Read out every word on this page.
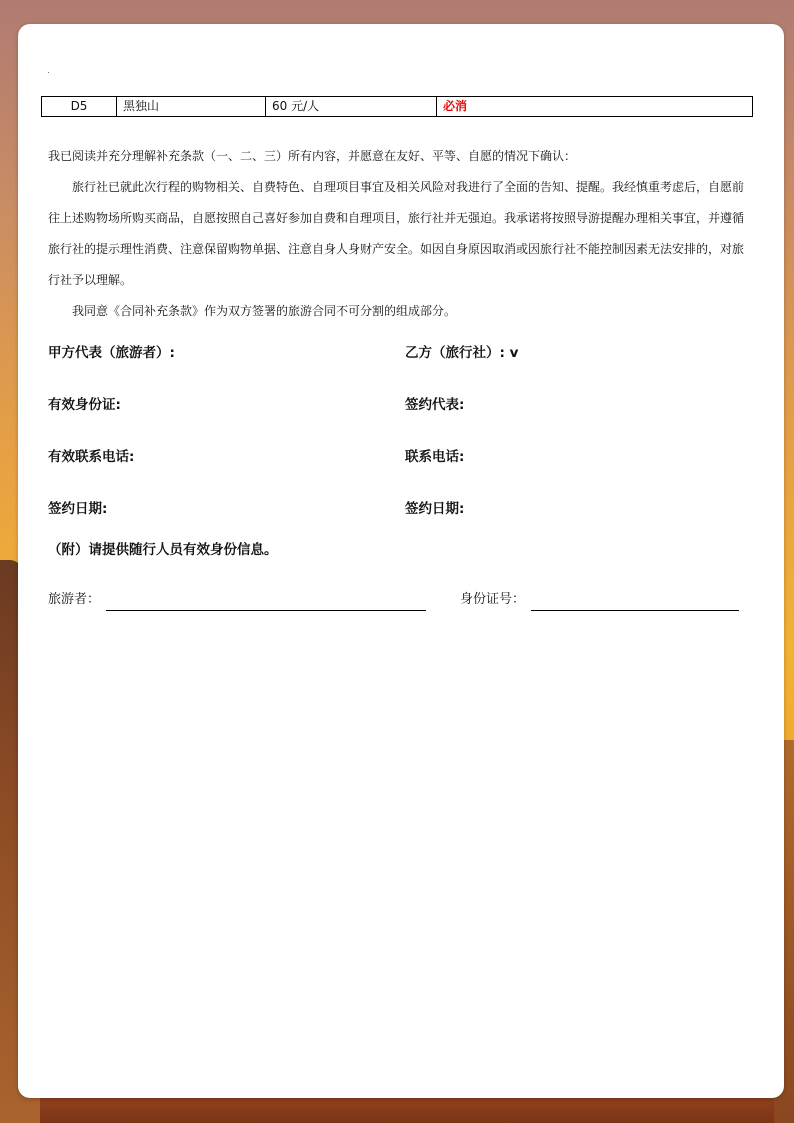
D5	黑独山	60 元/人	必消

我已阅读并充分理解补充条款（一、二、三）所有内容，并愿意在友好、平等、自愿的情况下确认：

旅行社已就此次行程的购物相关、自费特色、自理项目事宜及相关风险对我进行了全面的告知、提醒。我经慎重考虑后，自愿前往上述购物场所购买商品，自愿按照自己喜好参加自费和自理项目，旅行社并无强迫。我承诺将按照导游提醒办理相关事宜，并遵循旅行社的提示理性消费、注意保留购物单据、注意自身人身财产安全。如因自身原因取消或因旅行社不能控制因素无法安排的，对旅行社予以理解。

我同意《合同补充条款》作为双方签署的旅游合同不可分割的组成部分。

甲方代表（旅游者）:	乙方（旅行社）: v
有效身份证:	签约代表:
有效联系电话:	联系电话:
签约日期:	签约日期:
（附）请提供随行人员有效身份信息。
旅游者：	身份证号：
